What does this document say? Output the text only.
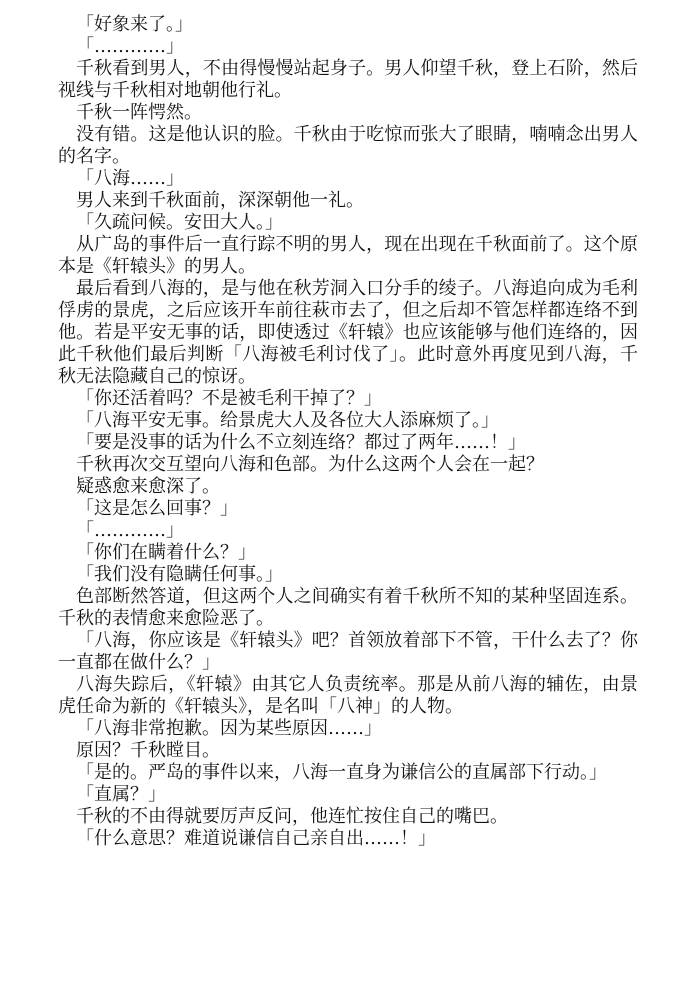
「好象来了。」

「…………」

千秋看到男人，不由得慢慢站起身子。男人仰望千秋，登上石阶，然后视线与千秋相对地朝他行礼。

千秋一阵愕然。

没有错。这是他认识的脸。千秋由于吃惊而张大了眼睛，喃喃念出男人的名字。

「八海……」

男人来到千秋面前，深深朝他一礼。

「久疏问候。安田大人。」

从广岛的事件后一直行踪不明的男人，现在出现在千秋面前了。这个原本是《轩辕头》的男人。

最后看到八海的，是与他在秋芳洞入口分手的绫子。八海追向成为毛利俘虏的景虎，之后应该开车前往萩市去了，但之后却不管怎样都连络不到他。若是平安无事的话，即使透过《轩辕》也应该能够与他们连络的，因此千秋他们最后判断「八海被毛利讨伐了」。此时意外再度见到八海，千秋无法隐藏自己的惊讶。

「你还活着吗？不是被毛利干掉了？」

「八海平安无事。给景虎大人及各位大人添麻烦了。」

「要是没事的话为什么不立刻连络？都过了两年……！」

千秋再次交互望向八海和色部。为什么这两个人会在一起？

疑惑愈来愈深了。

「这是怎么回事？」

「…………」

「你们在瞒着什么？」

「我们没有隐瞒任何事。」

色部断然答道，但这两个人之间确实有着千秋所不知的某种坚固连系。千秋的表情愈来愈险恶了。

「八海，你应该是《轩辕头》吧？首领放着部下不管，干什么去了？你一直都在做什么？」

八海失踪后，《轩辕》由其它人负责统率。那是从前八海的辅佐，由景虎任命为新的《轩辕头》，是名叫「八神」的人物。

「八海非常抱歉。因为某些原因……」

原因？千秋瞠目。

「是的。严岛的事件以来，八海一直身为谦信公的直属部下行动。」

「直属？」

千秋的不由得就要厉声反问，他连忙按住自己的嘴巴。

「什么意思？难道说谦信自己亲自出……！」
